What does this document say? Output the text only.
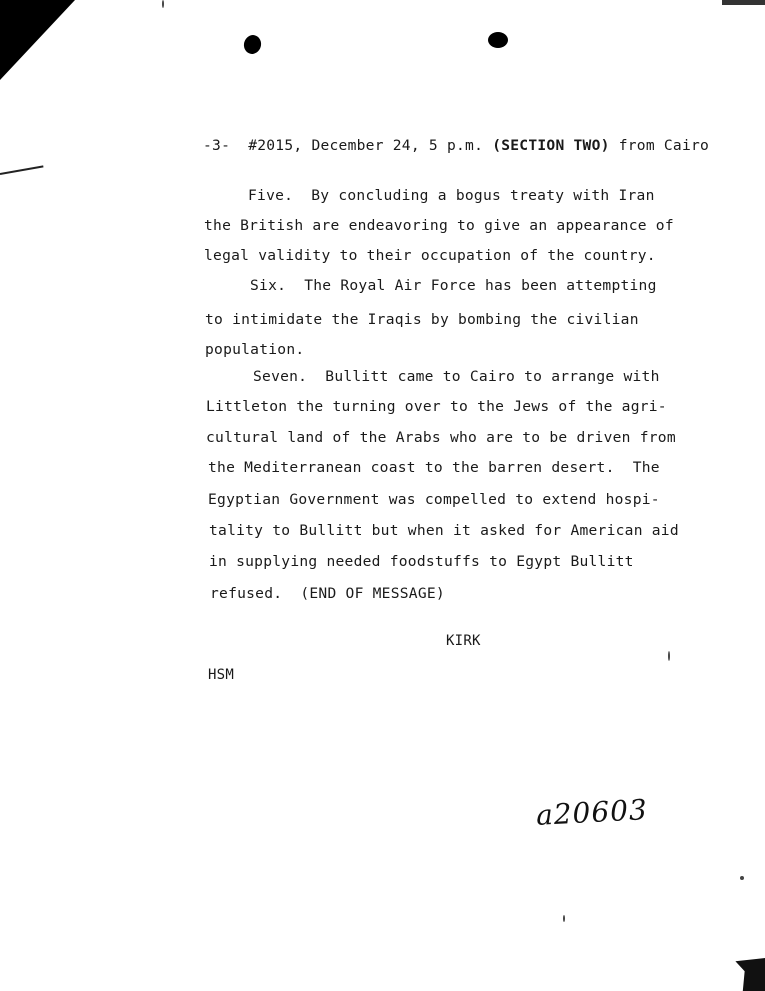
-3- #2015, December 24, 5 p.m. (SECTION TWO) from Cairo
Five.  By concluding a bogus treaty with Iran
the British are endeavoring to give an appearance of
legal validity to their occupation of the country.
Six.  The Royal Air Force has been attempting
to intimidate the Iraqis by bombing the civilian
population.
Seven.  Bullitt came to Cairo to arrange with
Littleton the turning over to the Jews of the agri-
cultural land of the Arabs who are to be driven from
the Mediterranean coast to the barren desert.  The
Egyptian Government was compelled to extend hospi-
tality to Bullitt but when it asked for American aid
in supplying needed foodstuffs to Egypt Bullitt
refused.  (END OF MESSAGE)
KIRK
HSM
a20603
